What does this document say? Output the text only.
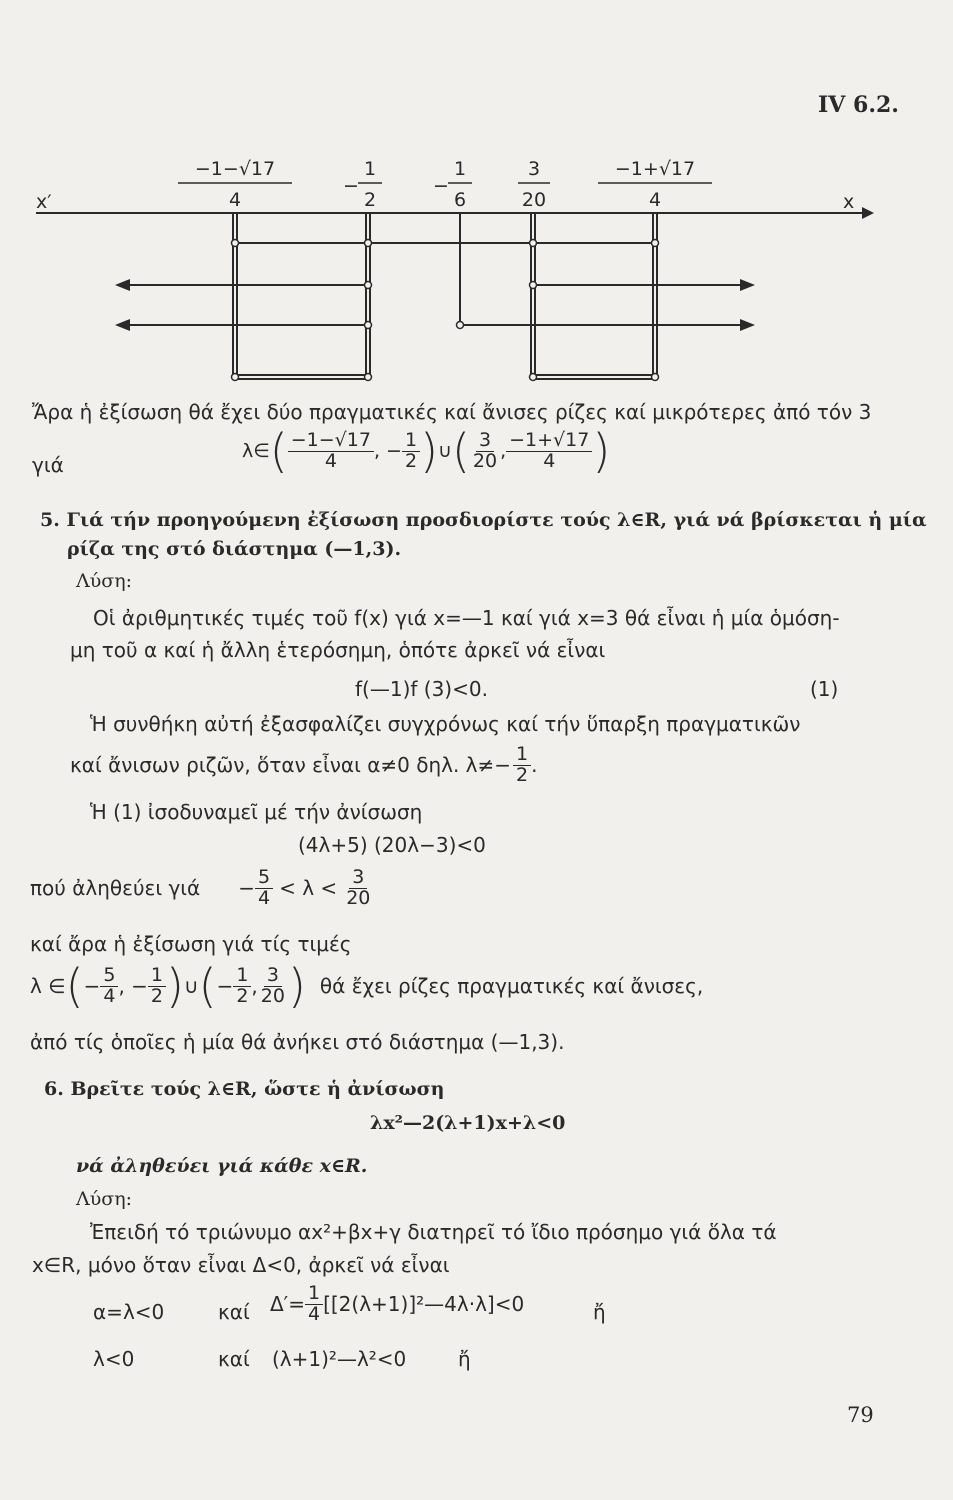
IV 6.2.
−1−√17
4
−
1
2
−
1
6
3
20
−1+√17
4
x′	x
Ἄρα ἡ ἐξίσωση θά ἔχει δύο πραγματικές καί ἄνισες ρίζες καί μικρότερες ἀπό τόν 3
γιά
λ∈ ( $\frac{-1-√17}{4}$ , − $\frac{1}{2}$ ) ∪ ( $\frac{3}{20}$ , $\frac{-1+√17}{4}$ )
5. Γιά τήν προηγούμενη ἐξίσωση προσδιορίστε τούς λ∈R, γιά νά βρίσκεται ἡ μία
ρίζα της στό διάστημα (—1,3).
Λύση:
Οἱ ἀριθμητικές τιμές τοῦ f(x) γιά x=—1 καί γιά x=3 θά εἶναι ἡ μία ὁμόση-
μη τοῦ α καί ἡ ἄλλη ἑτερόσημη, ὁπότε ἀρκεῖ νά εἶναι
f(—1)f (3)<0.	(1)
Ἡ συνθήκη αὐτή ἐξασφαλίζει συγχρόνως καί τήν ὕπαρξη πραγματικῶν
καί ἄνισων ριζῶν, ὅταν εἶναι α≠0 δηλ. $\lambda\ne- \frac{1}{2}$ .
Ἡ (1) ἰσοδυναμεῖ μέ τήν ἀνίσωση
(4λ+5) (20λ−3)<0
πού ἀληθεύει $\gamma\iota ά - \frac{5}{4} < \lambda < \frac{3}{20}$
καί ἄρα ἡ ἐξίσωση γιά τίς τιμές
λ ∈ ( − $\frac{5}{4}$ , − $\frac{1}{2}$ ) ∪ ( − $\frac{1}{2}$ , $\frac{3}{20}$ ) θά ἔχει ρίζες πραγματικές καί ἄνισες,
ἀπό τίς ὁποῖες ἡ μία θά ἀνήκει στό διάστημα (—1,3).
6. Βρεῖτε τούς λ∈R, ὥστε ἡ ἀνίσωση
λx²—2(λ+1)x+λ<0
νά ἀληθεύει γιά κάθε x∈R.
Λύση:
Ἐπειδή τό τριώνυμο αx²+βx+γ διατηρεῖ τό ἴδιο πρόσημο γιά ὅλα τά
x∈R, μόνο ὅταν εἶναι Δ<0, ἀρκεῖ νά εἶναι
α=λ<0	καί $\Delta'= \frac{1}{4}$ [[2(λ+1)]²—4λ·λ]<0	ἤ
λ<0	καί (λ+1)²—λ²<0	ἤ
79
